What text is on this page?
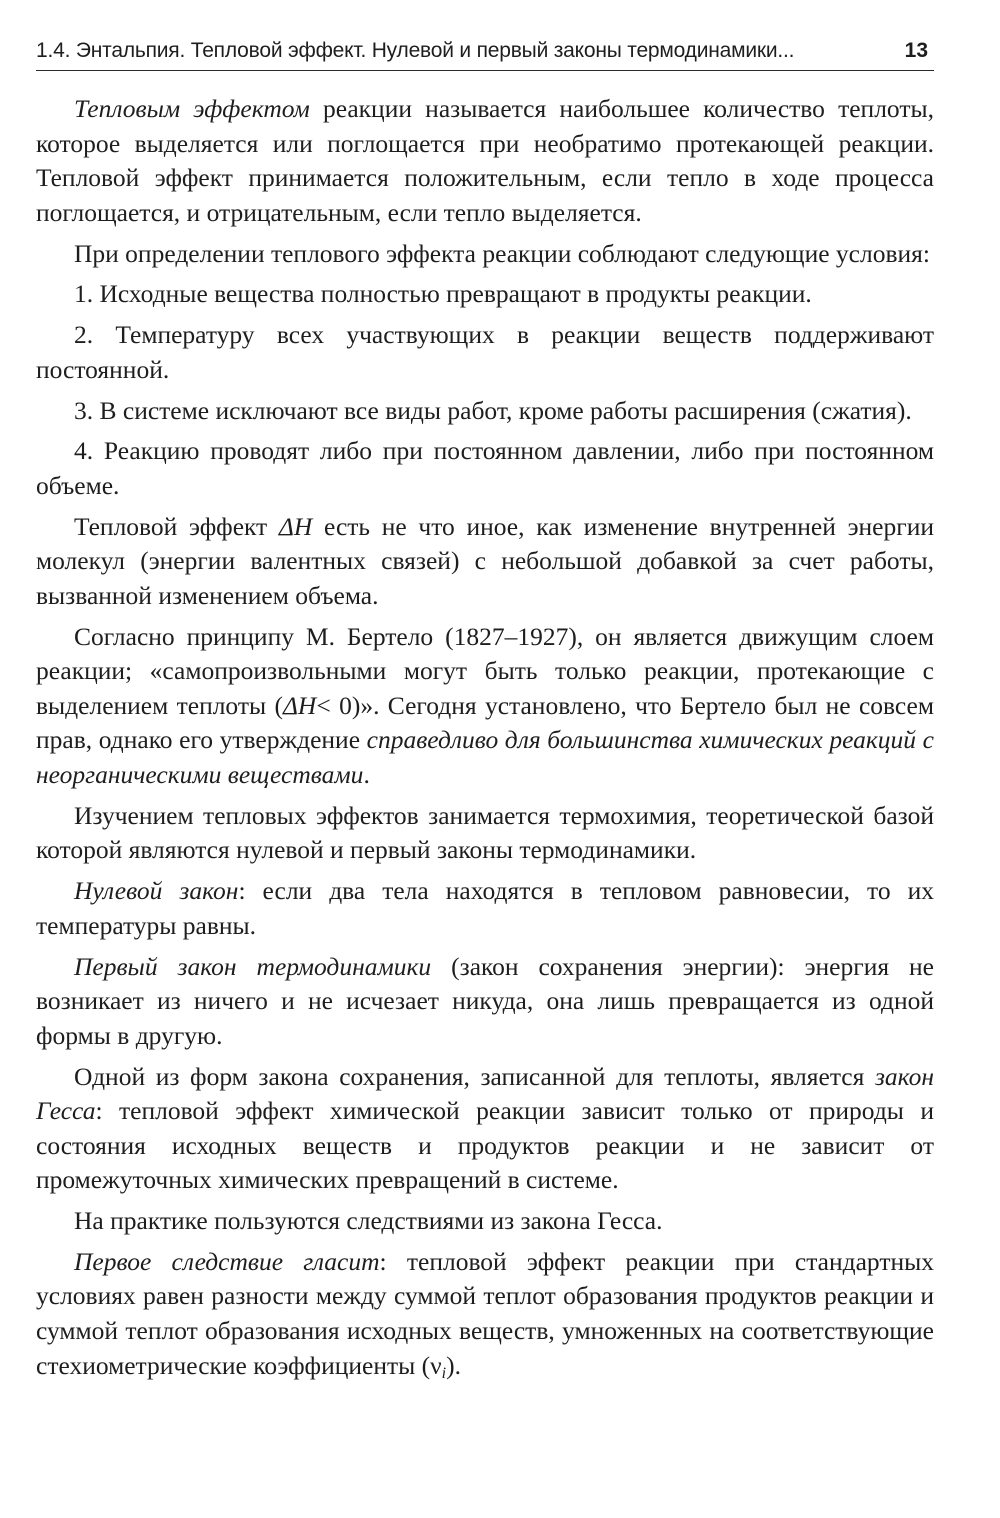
1.4. Энтальпия. Тепловой эффект. Нулевой и первый законы термодинамики...	13

Тепловым эффектом реакции называется наибольшее количество теплоты, которое выделяется или поглощается при необратимо протекающей реакции. Тепловой эффект принимается положительным, если тепло в ходе процесса поглощается, и отрицательным, если тепло выделяется.

При определении теплового эффекта реакции соблюдают следующие условия:

1. Исходные вещества полностью превращают в продукты реакции.

2. Температуру всех участвующих в реакции веществ поддерживают постоянной.

3. В системе исключают все виды работ, кроме работы расширения (сжатия).

4. Реакцию проводят либо при постоянном давлении, либо при постоянном объеме.

Тепловой эффект ΔH есть не что иное, как изменение внутренней энергии молекул (энергии валентных связей) с небольшой добавкой за счет работы, вызванной изменением объема.

Согласно принципу М. Бертело (1827–1927), он является движущим слоем реакции; «самопроизвольными могут быть только реакции, протекающие с выделением теплоты (ΔH< 0)». Сегодня установлено, что Бертело был не совсем прав, однако его утверждение справедливо для большинства химических реакций с неорганическими веществами.

Изучением тепловых эффектов занимается термохимия, теоретической базой которой являются нулевой и первый законы термодинамики.

Нулевой закон: если два тела находятся в тепловом равновесии, то их температуры равны.

Первый закон термодинамики (закон сохранения энергии): энергия не возникает из ничего и не исчезает никуда, она лишь превращается из одной формы в другую.

Одной из форм закона сохранения, записанной для теплоты, является закон Гесса: тепловой эффект химической реакции зависит только от природы и состояния исходных веществ и продуктов реакции и не зависит от промежуточных химических превращений в системе.

На практике пользуются следствиями из закона Гесса.

Первое следствие гласит: тепловой эффект реакции при стандартных условиях равен разности между суммой теплот образования продуктов реакции и суммой теплот образования исходных веществ, умноженных на соответствующие стехиометрические коэффициенты $(\nu_i)$.
